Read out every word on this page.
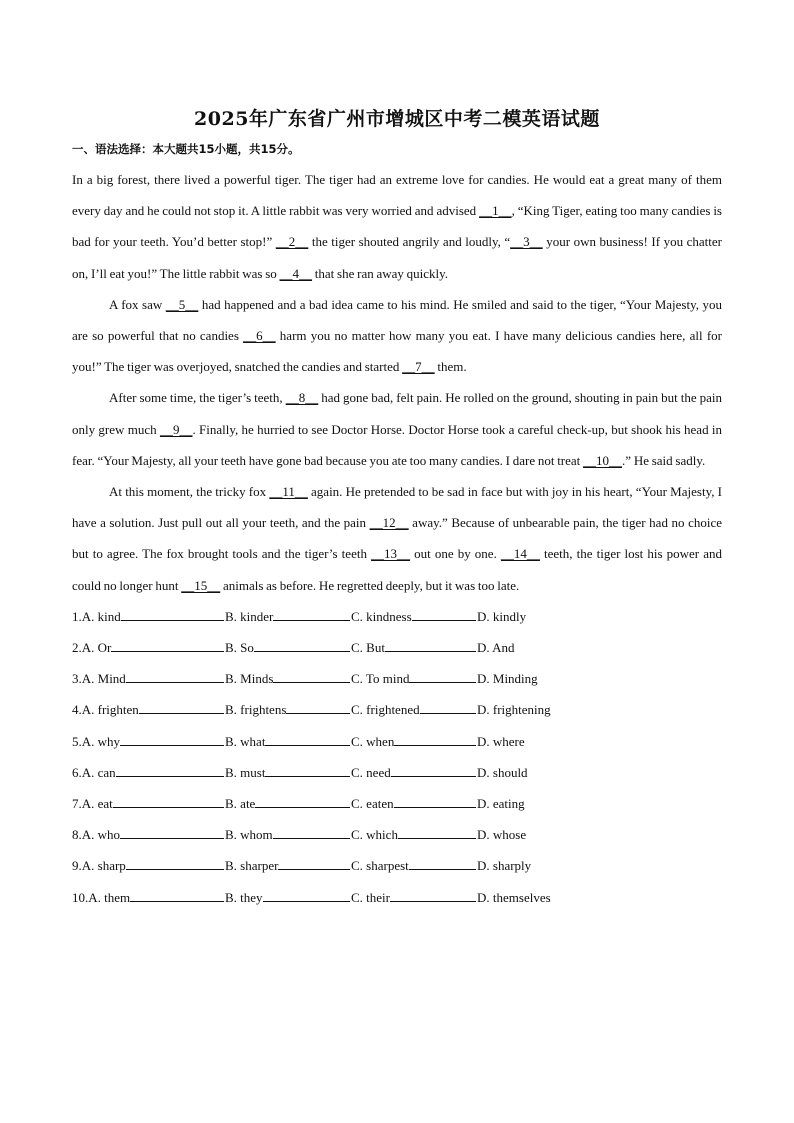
2025年广东省广州市增城区中考二模英语试题
一、语法选择：本大题共15小题，共15分。

In a big forest, there lived a powerful tiger. The tiger had an extreme love for candies. He would eat a great many of them every day and he could not stop it. A little rabbit was very worried and advised __1__, “King Tiger, eating too many candies is bad for your teeth. You’d better stop!” __2__ the tiger shouted angrily and loudly, “__3__ your own business! If you chatter on, I’ll eat you!” The little rabbit was so __4__ that she ran away quickly.

A fox saw __5__ had happened and a bad idea came to his mind. He smiled and said to the tiger, “Your Majesty, you are so powerful that no candies __6__ harm you no matter how many you eat. I have many delicious candies here, all for you!” The tiger was overjoyed, snatched the candies and started __7__ them.

After some time, the tiger’s teeth, __8__ had gone bad, felt pain. He rolled on the ground, shouting in pain but the pain only grew much __9__. Finally, he hurried to see Doctor Horse. Doctor Horse took a careful check-up, but shook his head in fear. “Your Majesty, all your teeth have gone bad because you ate too many candies. I dare not treat __10__.” He said sadly.

At this moment, the tricky fox __11__ again. He pretended to be sad in face but with joy in his heart, “Your Majesty, I have a solution. Just pull out all your teeth, and the pain __12__ away.” Because of unbearable pain, the tiger had no choice but to agree. The fox brought tools and the tiger’s teeth __13__ out one by one. __14__ teeth, the tiger lost his power and could no longer hunt __15__ animals as before. He regretted deeply, but it was too late.

1.A. kind	B. kinder	C. kindness	D. kindly
2.A. Or	B. So	C. But	D. And
3.A. Mind	B. Minds	C. To mind	D. Minding
4.A. frighten	B. frightens	C. frightened	D. frightening
5.A. why	B. what	C. when	D. where
6.A. can	B. must	C. need	D. should
7.A. eat	B. ate	C. eaten	D. eating
8.A. who	B. whom	C. which	D. whose
9.A. sharp	B. sharper	C. sharpest	D. sharply
10.A. them	B. they	C. their	D. themselves
